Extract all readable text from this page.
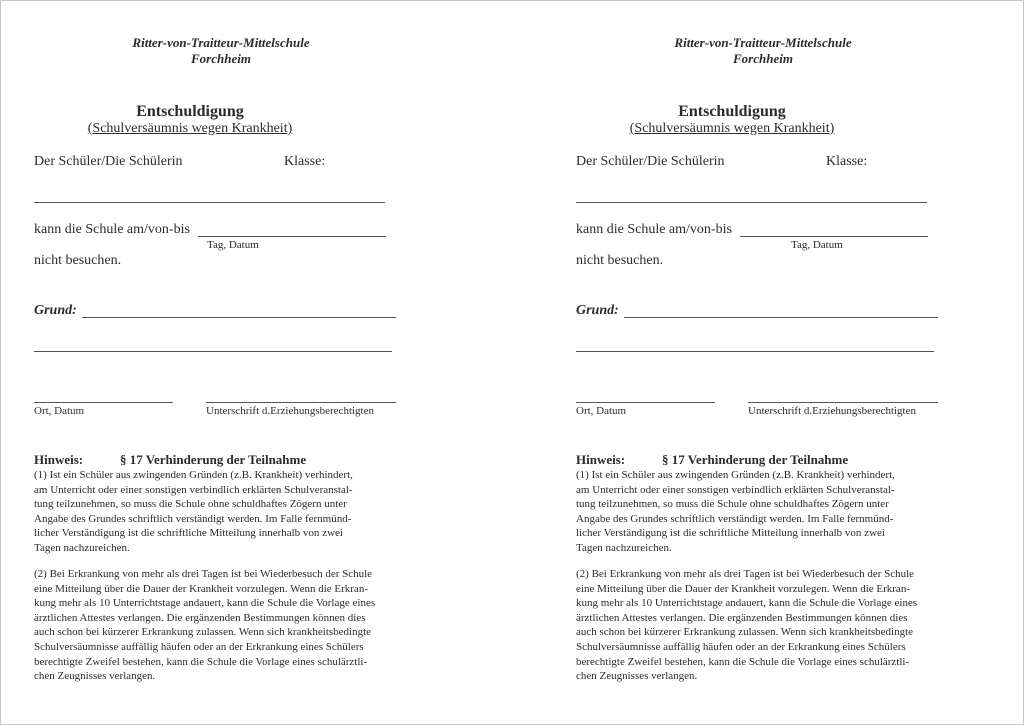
Ritter-von-Traitteur-Mittelschule
Forchheim
Entschuldigung
(Schulversäumnis wegen Krankheit)
Der Schüler/Die Schülerin	Klasse:
kann die Schule am/von-bis
Tag, Datum
nicht besuchen.
Grund:
Ort, Datum	Unterschrift d.Erziehungsberechtigten
Hinweis:	§ 17 Verhinderung der Teilnahme
(1) Ist ein Schüler aus zwingenden Gründen (z.B. Krankheit) verhindert,
am Unterricht oder einer sonstigen verbindlich erklärten Schulveranstal-
tung teilzunehmen, so muss die Schule ohne schuldhaftes Zögern unter
Angabe des Grundes schriftlich verständigt werden. Im Falle fernmünd-
licher Verständigung ist die schriftliche Mitteilung innerhalb von zwei
Tagen nachzureichen.
(2) Bei Erkrankung von mehr als drei Tagen ist bei Wiederbesuch der Schule
eine Mitteilung über die Dauer der Krankheit vorzulegen. Wenn die Erkran-
kung mehr als 10 Unterrichtstage andauert, kann die Schule die Vorlage eines
ärztlichen Attestes verlangen. Die ergänzenden Bestimmungen können dies
auch schon bei kürzerer Erkrankung zulassen. Wenn sich krankheitsbedingte
Schulversäumnisse auffällig häufen oder an der Erkrankung eines Schülers
berechtigte Zweifel bestehen, kann die Schule die Vorlage eines schulärztli-
chen Zeugnisses verlangen.
Ritter-von-Traitteur-Mittelschule
Forchheim
Entschuldigung
(Schulversäumnis wegen Krankheit)
Der Schüler/Die Schülerin	Klasse:
kann die Schule am/von-bis
Tag, Datum
nicht besuchen.
Grund:
Ort, Datum	Unterschrift d.Erziehungsberechtigten
Hinweis:	§ 17 Verhinderung der Teilnahme
(1) Ist ein Schüler aus zwingenden Gründen (z.B. Krankheit) verhindert,
am Unterricht oder einer sonstigen verbindlich erklärten Schulveranstal-
tung teilzunehmen, so muss die Schule ohne schuldhaftes Zögern unter
Angabe des Grundes schriftlich verständigt werden. Im Falle fernmünd-
licher Verständigung ist die schriftliche Mitteilung innerhalb von zwei
Tagen nachzureichen.
(2) Bei Erkrankung von mehr als drei Tagen ist bei Wiederbesuch der Schule
eine Mitteilung über die Dauer der Krankheit vorzulegen. Wenn die Erkran-
kung mehr als 10 Unterrichtstage andauert, kann die Schule die Vorlage eines
ärztlichen Attestes verlangen. Die ergänzenden Bestimmungen können dies
auch schon bei kürzerer Erkrankung zulassen. Wenn sich krankheitsbedingte
Schulversäumnisse auffällig häufen oder an der Erkrankung eines Schülers
berechtigte Zweifel bestehen, kann die Schule die Vorlage eines schulärztli-
chen Zeugnisses verlangen.
